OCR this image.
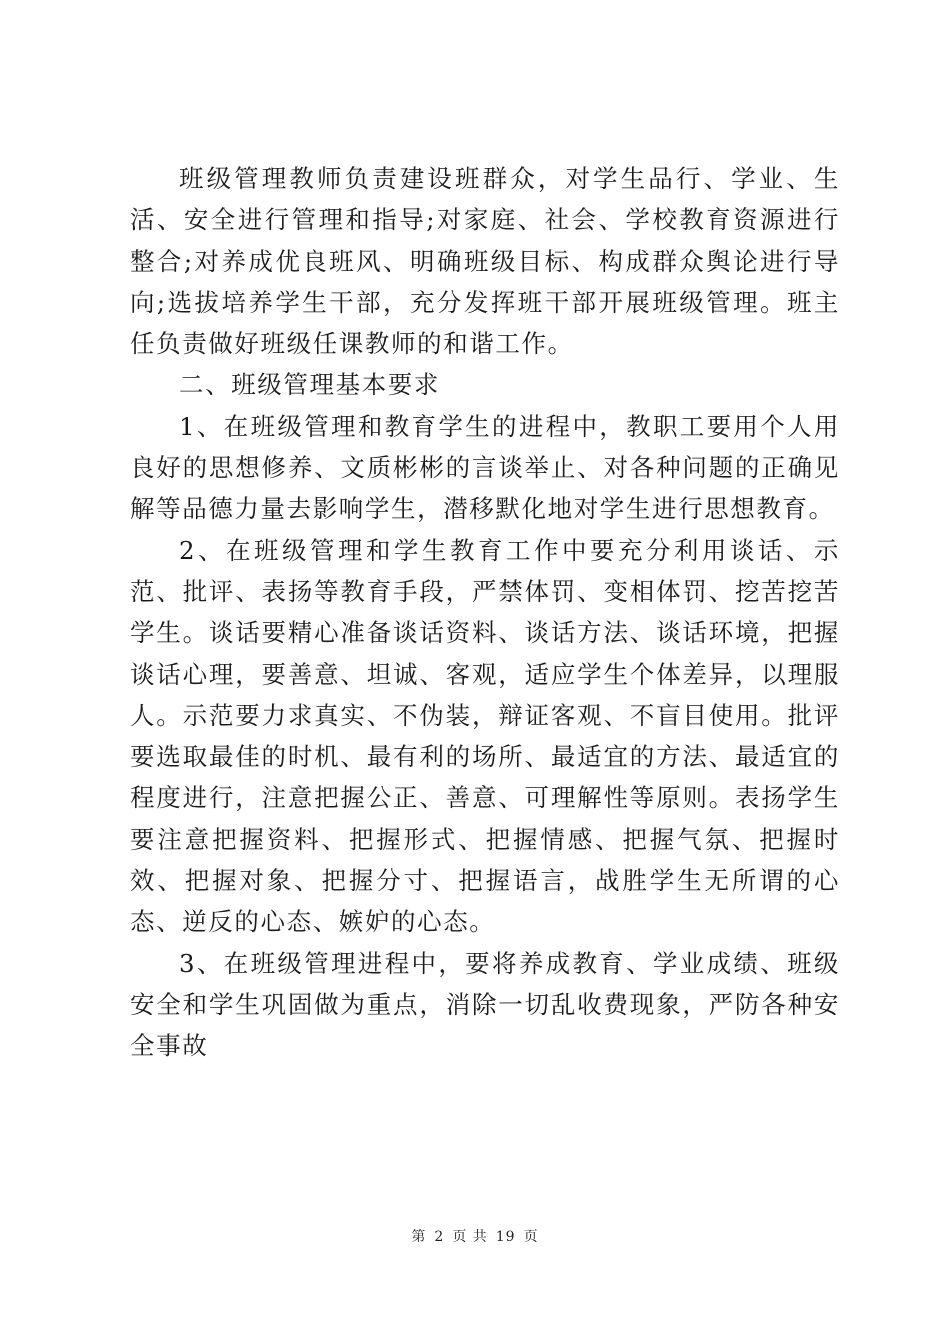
班级管理教师负责建设班群众，对学生品行、学业、生活、安全进行管理和指导;对家庭、社会、学校教育资源进行整合;对养成优良班风、明确班级目标、构成群众舆论进行导向;选拔培养学生干部，充分发挥班干部开展班级管理。班主任负责做好班级任课教师的和谐工作。

二、班级管理基本要求

1、在班级管理和教育学生的进程中，教职工要用个人用良好的思想修养、文质彬彬的言谈举止、对各种问题的正确见解等品德力量去影响学生，潜移默化地对学生进行思想教育。

2、在班级管理和学生教育工作中要充分利用谈话、示范、批评、表扬等教育手段，严禁体罚、变相体罚、挖苦挖苦学生。谈话要精心准备谈话资料、谈话方法、谈话环境，把握谈话心理，要善意、坦诚、客观，适应学生个体差异，以理服人。示范要力求真实、不伪装，辩证客观、不盲目使用。批评要选取最佳的时机、最有利的场所、最适宜的方法、最适宜的程度进行，注意把握公正、善意、可理解性等原则。表扬学生要注意把握资料、把握形式、把握情感、把握气氛、把握时效、把握对象、把握分寸、把握语言，战胜学生无所谓的心态、逆反的心态、嫉妒的心态。

3、在班级管理进程中，要将养成教育、学业成绩、班级安全和学生巩固做为重点，消除一切乱收费现象，严防各种安全事故

第 2 页 共 19 页
